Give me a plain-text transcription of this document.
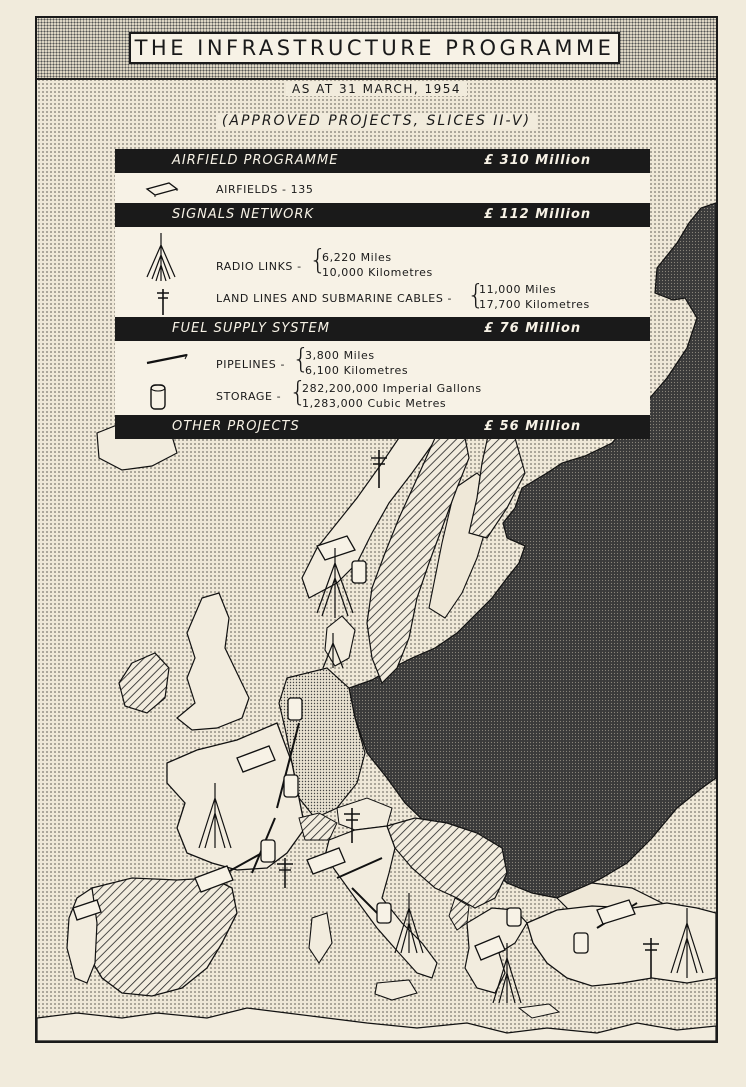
THE INFRASTRUCTURE PROGRAMME
AS AT 31 MARCH, 1954
(APPROVED PROJECTS, SLICES II-V)
AIRFIELD PROGRAMME	£ 310 Million
AIRFIELDS - 135
SIGNALS NETWORK	£ 112 Million
RADIO LINKS - {
6,220 Miles
10,000 Kilometres
LAND LINES AND SUBMARINE CABLES - {
11,000 Miles
17,700 Kilometres
FUEL SUPPLY SYSTEM	£ 76 Million
PIPELINES - {
3,800 Miles
6,100 Kilometres
STORAGE - {
282,200,000 Imperial Gallons
1,283,000 Cubic Metres
OTHER PROJECTS	£ 56 Million
